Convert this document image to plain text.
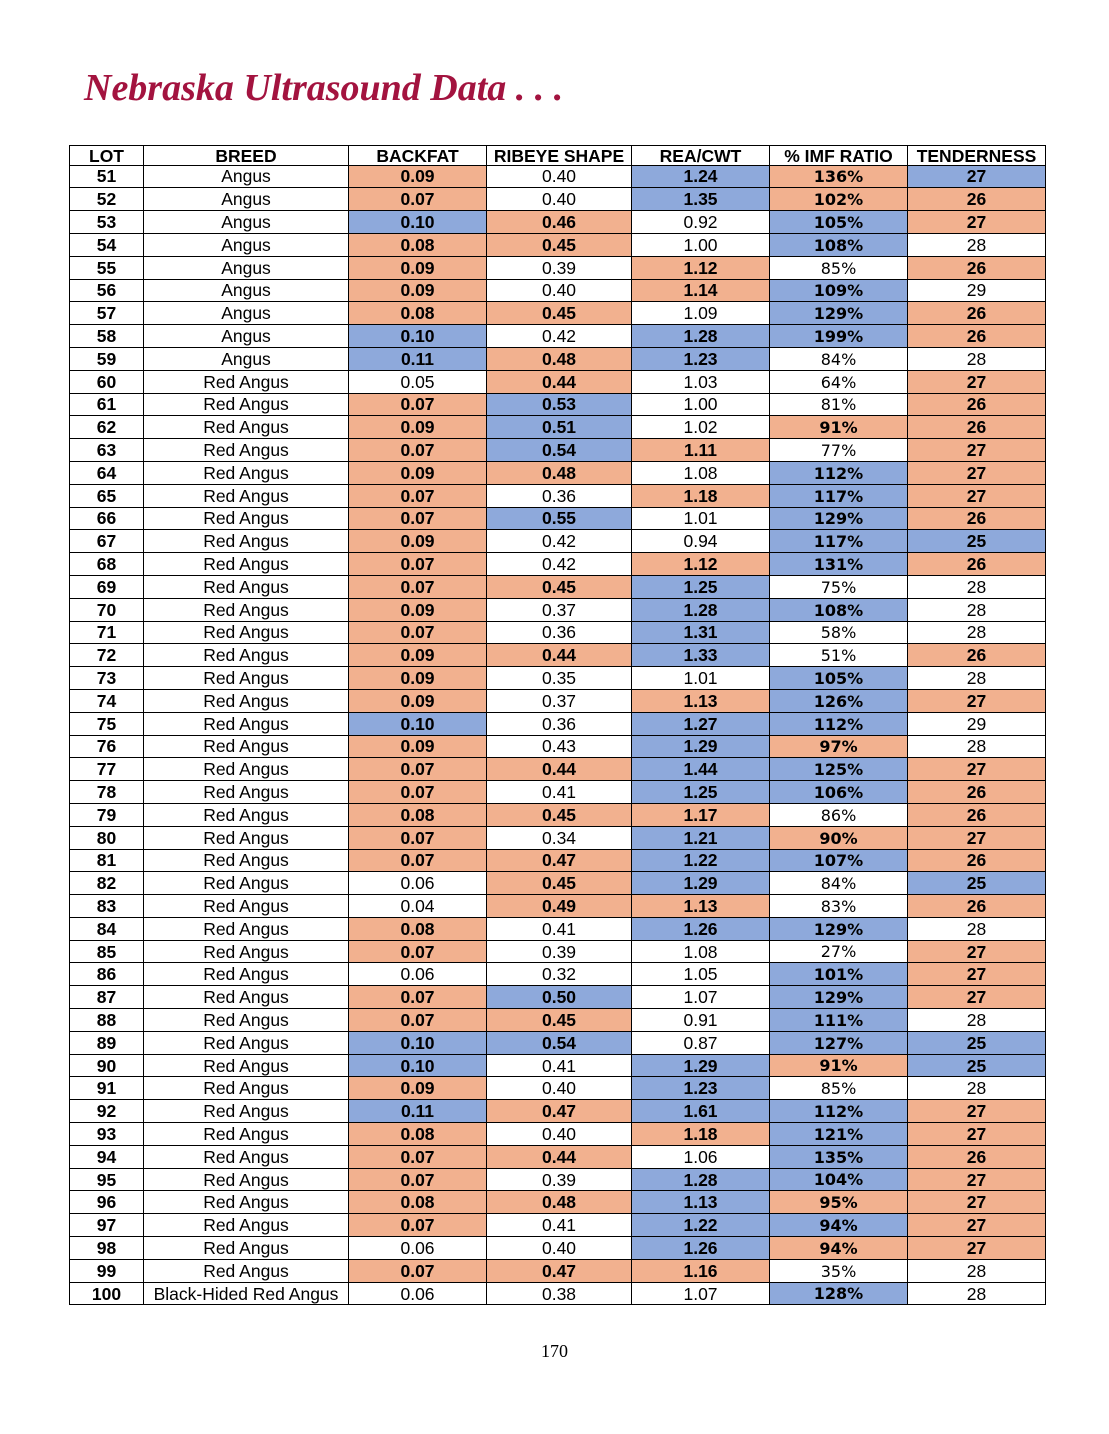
Nebraska Ultrasound Data . . .
LOT	BREED	BACKFAT	RIBEYE SHAPE	REA/CWT	% IMF RATIO	TENDERNESS
51	Angus	0.09	0.40	1.24	136%	27
52	Angus	0.07	0.40	1.35	102%	26
53	Angus	0.10	0.46	0.92	105%	27
54	Angus	0.08	0.45	1.00	108%	28
55	Angus	0.09	0.39	1.12	85%	26
56	Angus	0.09	0.40	1.14	109%	29
57	Angus	0.08	0.45	1.09	129%	26
58	Angus	0.10	0.42	1.28	199%	26
59	Angus	0.11	0.48	1.23	84%	28
60	Red Angus	0.05	0.44	1.03	64%	27
61	Red Angus	0.07	0.53	1.00	81%	26
62	Red Angus	0.09	0.51	1.02	91%	26
63	Red Angus	0.07	0.54	1.11	77%	27
64	Red Angus	0.09	0.48	1.08	112%	27
65	Red Angus	0.07	0.36	1.18	117%	27
66	Red Angus	0.07	0.55	1.01	129%	26
67	Red Angus	0.09	0.42	0.94	117%	25
68	Red Angus	0.07	0.42	1.12	131%	26
69	Red Angus	0.07	0.45	1.25	75%	28
70	Red Angus	0.09	0.37	1.28	108%	28
71	Red Angus	0.07	0.36	1.31	58%	28
72	Red Angus	0.09	0.44	1.33	51%	26
73	Red Angus	0.09	0.35	1.01	105%	28
74	Red Angus	0.09	0.37	1.13	126%	27
75	Red Angus	0.10	0.36	1.27	112%	29
76	Red Angus	0.09	0.43	1.29	97%	28
77	Red Angus	0.07	0.44	1.44	125%	27
78	Red Angus	0.07	0.41	1.25	106%	26
79	Red Angus	0.08	0.45	1.17	86%	26
80	Red Angus	0.07	0.34	1.21	90%	27
81	Red Angus	0.07	0.47	1.22	107%	26
82	Red Angus	0.06	0.45	1.29	84%	25
83	Red Angus	0.04	0.49	1.13	83%	26
84	Red Angus	0.08	0.41	1.26	129%	28
85	Red Angus	0.07	0.39	1.08	27%	27
86	Red Angus	0.06	0.32	1.05	101%	27
87	Red Angus	0.07	0.50	1.07	129%	27
88	Red Angus	0.07	0.45	0.91	111%	28
89	Red Angus	0.10	0.54	0.87	127%	25
90	Red Angus	0.10	0.41	1.29	91%	25
91	Red Angus	0.09	0.40	1.23	85%	28
92	Red Angus	0.11	0.47	1.61	112%	27
93	Red Angus	0.08	0.40	1.18	121%	27
94	Red Angus	0.07	0.44	1.06	135%	26
95	Red Angus	0.07	0.39	1.28	104%	27
96	Red Angus	0.08	0.48	1.13	95%	27
97	Red Angus	0.07	0.41	1.22	94%	27
98	Red Angus	0.06	0.40	1.26	94%	27
99	Red Angus	0.07	0.47	1.16	35%	28
100	Black-Hided Red Angus	0.06	0.38	1.07	128%	28
170
